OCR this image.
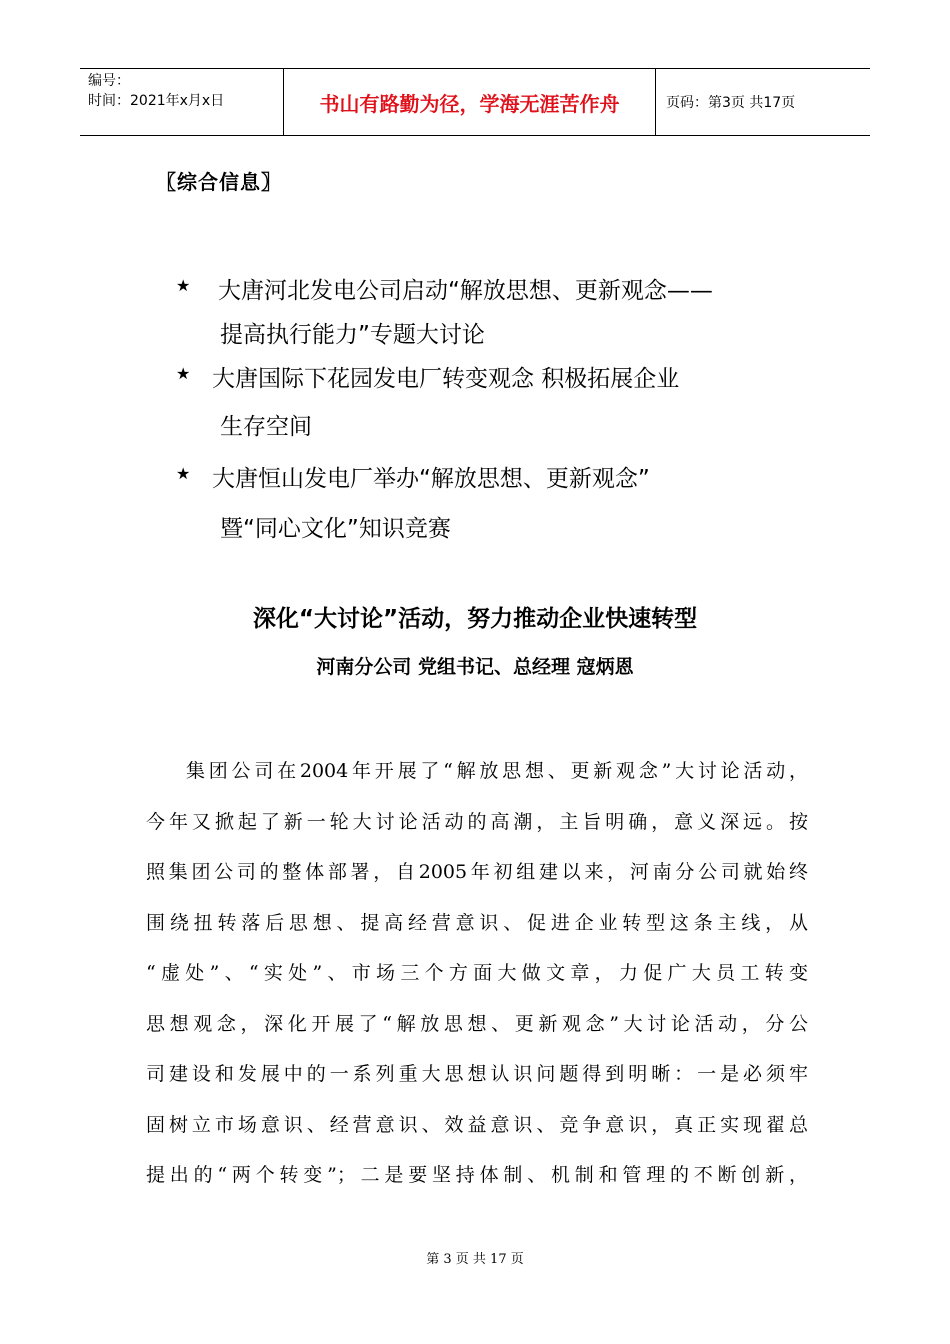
编号：
时间：2021年x月x日	书山有路勤为径，学海无涯苦作舟	页码：第3页 共17页
〖综合信息〗
★ 大唐河北发电公司启动“解放思想、更新观念——
提高执行能力”专题大讨论
★ 大唐国际下花园发电厂转变观念 积极拓展企业
生存空间
★ 大唐恒山发电厂举办“解放思想、更新观念”
暨“同心文化”知识竞赛
深化“大讨论”活动，努力推动企业快速转型
河南分公司 党组书记、总经理 寇炳恩
集团公司在2004年开展了“解放思想、更新观念”大讨论活动，
今年又掀起了新一轮大讨论活动的高潮，主旨明确，意义深远。按
照集团公司的整体部署，自2005年初组建以来，河南分公司就始终
围绕扭转落后思想、提高经营意识、促进企业转型这条主线，从
“虚处”、“实处”、市场三个方面大做文章，力促广大员工转变
思想观念，深化开展了“解放思想、更新观念”大讨论活动，分公
司建设和发展中的一系列重大思想认识问题得到明晰：一是必须牢
固树立市场意识、经营意识、效益意识、竞争意识，真正实现翟总
提出的“两个转变”；二是要坚持体制、机制和管理的不断创新，
第 3 页 共 17 页
